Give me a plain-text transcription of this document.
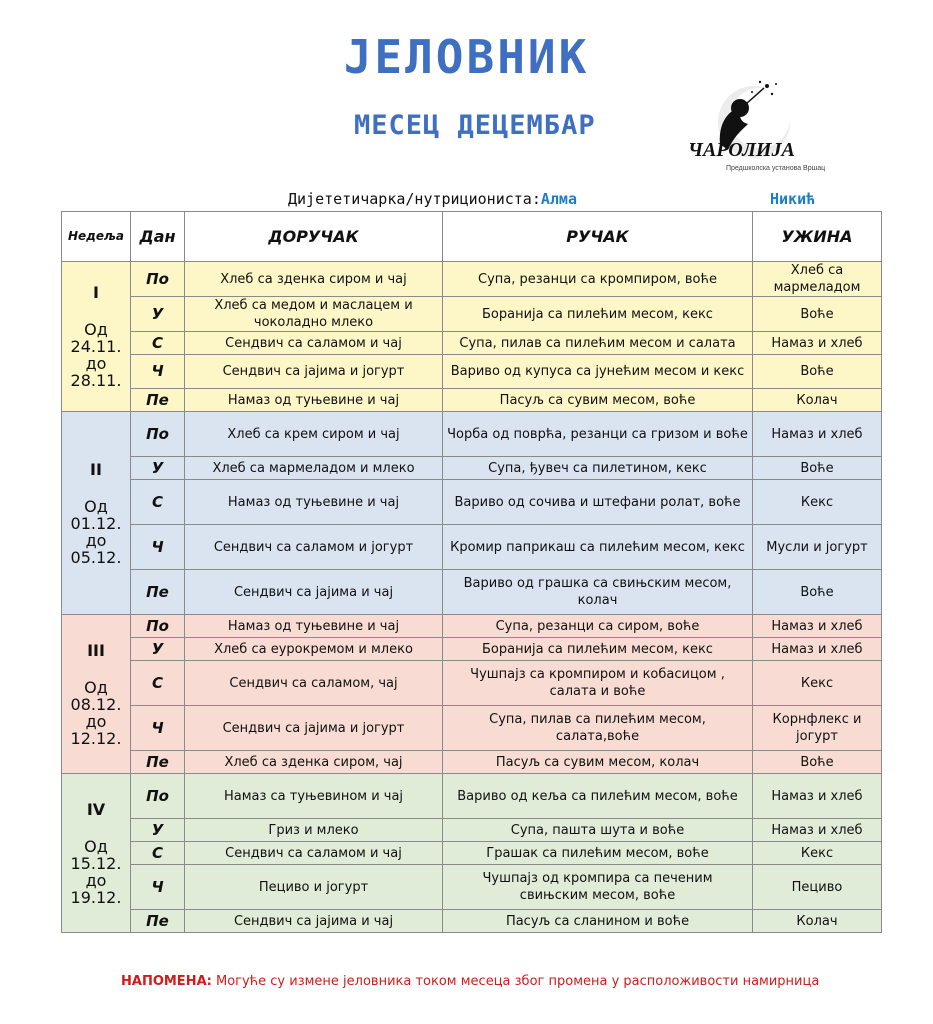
ЈЕЛОВНИК
МЕСЕЦ ДЕЦЕМБАР
ЧАРОЛИЈА
Предшколска установа Вршац
Дијететичарка/нутрициониста:Алма	Никић
Недеља	Дан	ДОРУЧАК	РУЧАК	УЖИНА

I
Од
24.11.
до
28.11.	По	Хлеб са зденка сиром и чај	Супа, резанци са кромпиром, воће	Хлеб са мармеладом
	У	Хлеб са медом и маслацем и чоколадно млеко	Боранија са пилећим месом, кекс	Воће
	С	Сендвич са саламом и чај	Супа, пилав са пилећим месом и салата	Намаз и хлеб
	Ч	Сендвич са јајима и јогурт	Вариво од купуса са јунећим месом и кекс	Воће
	Пе	Намаз од туњевине и чај	Пасуљ са сувим месом, воће	Колач

II
Од
01.12.
до
05.12.	По	Хлеб са крем сиром и чај	Чорба од поврћа, резанци са гризом и воће	Намаз и хлеб
	У	Хлеб са мармеладом и млеко	Супа, ђувеч са пилетином, кекс	Воће
	С	Намаз од туњевине и чај	Вариво од сочива и штефани ролат, воће	Кекс
	Ч	Сендвич са саламом и јогурт	Кромир паприкаш са пилећим месом, кекс	Мусли и јогурт
	Пе	Сендвич са јајима и чај	Вариво од грашка са свињским месом, колач	Воће

III
Од
08.12.
до
12.12.	По	Намаз од туњевине и чај	Супа, резанци са сиром, воће	Намаз и хлеб
	У	Хлеб са еурокремом и млеко	Боранија са пилећим месом, кекс	Намаз и хлеб
	С	Сендвич са саламом, чај	Чушпајз са кромпиром и кобасицом , салата и воће	Кекс
	Ч	Сендвич са јајима и јогурт	Супа, пилав са пилећим месом, салата,воће	Корнфлекс и јогурт
	Пе	Хлеб са зденка сиром, чај	Пасуљ са сувим месом, колач	Воће

IV
Од
15.12.
до
19.12.	По	Намаз са туњевином и чај	Вариво од кеља са пилећим месом, воће	Намаз и хлеб
	У	Гриз и млеко	Супа, пашта шута и воће	Намаз и хлеб
	С	Сендвич са саламом и чај	Грашак са пилећим месом, воће	Кекс
	Ч	Пециво и јогурт	Чушпајз од кромпира са печеним свињским месом, воће	Пециво
	Пе	Сендвич са јајима и чај	Пасуљ са сланином и воће	Колач
НАПОМЕНА: Могуће су измене јеловника током месеца због промена у расположивости намирница
